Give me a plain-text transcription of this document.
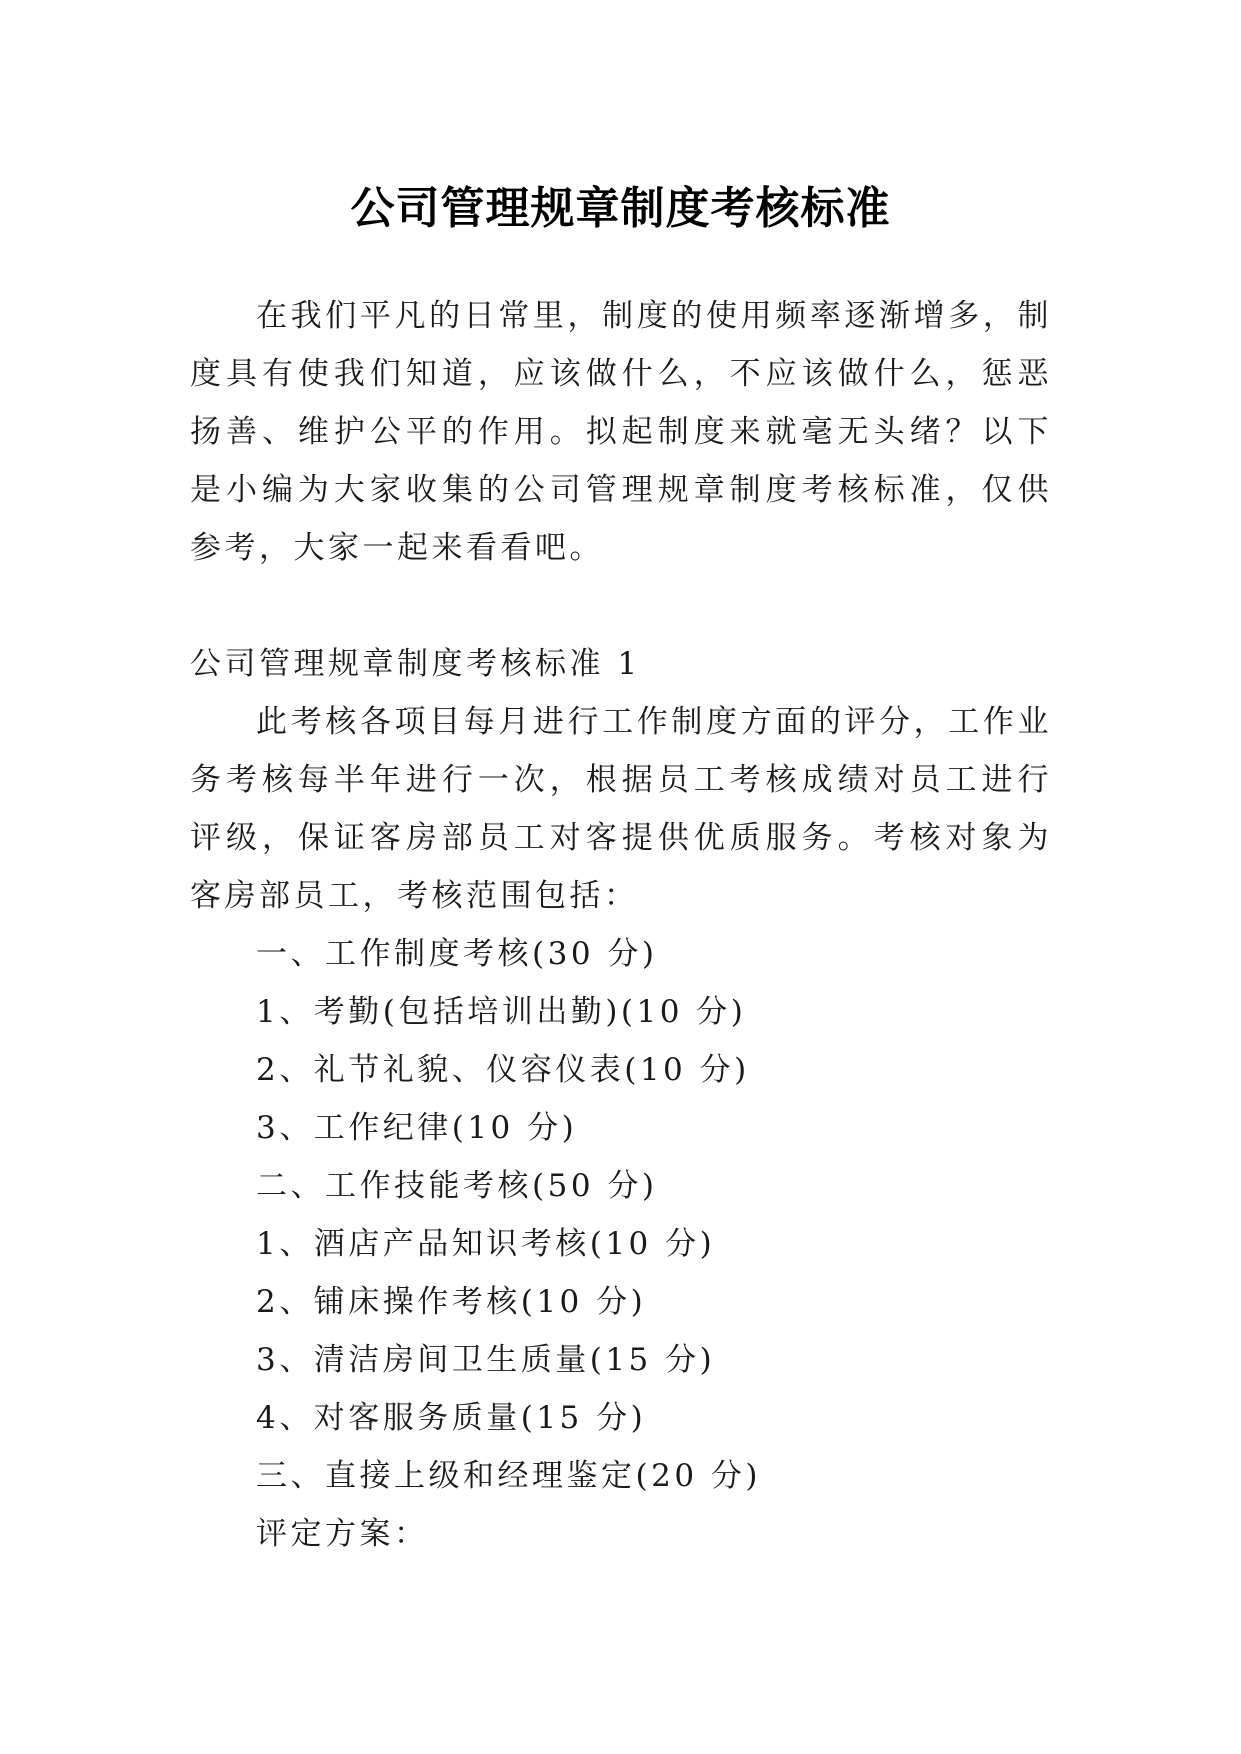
公司管理规章制度考核标准

在我们平凡的日常里，制度的使用频率逐渐增多，制度具有使我们知道，应该做什么，不应该做什么，惩恶扬善、维护公平的作用。拟起制度来就毫无头绪？以下是小编为大家收集的公司管理规章制度考核标准，仅供参考，大家一起来看看吧。

公司管理规章制度考核标准 1

此考核各项目每月进行工作制度方面的评分，工作业务考核每半年进行一次，根据员工考核成绩对员工进行评级，保证客房部员工对客提供优质服务。考核对象为客房部员工，考核范围包括：

一、工作制度考核(30 分)
1、考勤(包括培训出勤)(10 分)
2、礼节礼貌、仪容仪表(10 分)
3、工作纪律(10 分)
二、工作技能考核(50 分)
1、酒店产品知识考核(10 分)
2、铺床操作考核(10 分)
3、清洁房间卫生质量(15 分)
4、对客服务质量(15 分)
三、直接上级和经理鉴定(20 分)
评定方案：
